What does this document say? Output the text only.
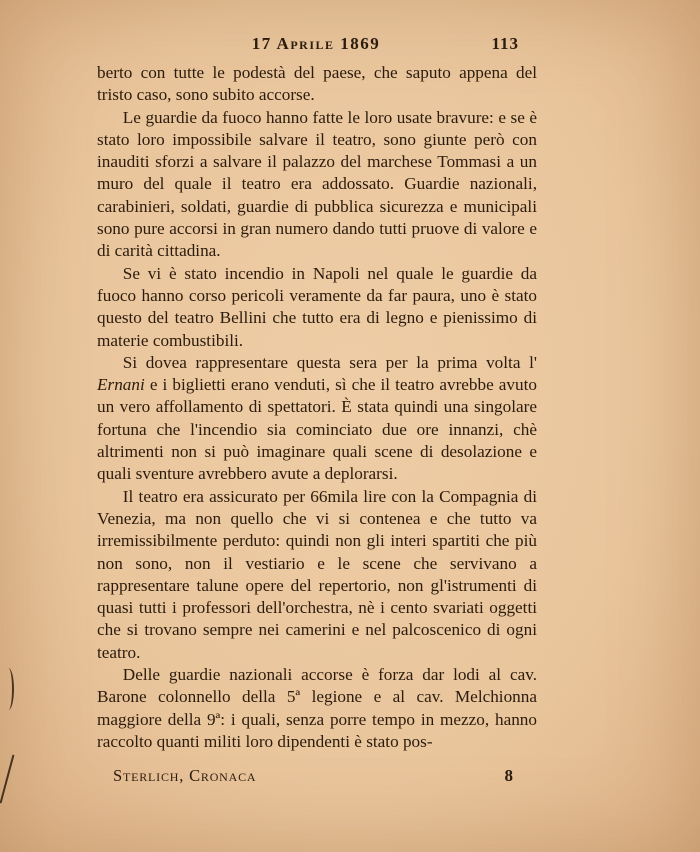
17 Aprile 1869	113

berto con tutte le podestà del paese, che saputo appena del tristo caso, sono subito accorse.

Le guardie da fuoco hanno fatte le loro usate bravure: e se è stato loro impossibile salvare il teatro, sono giunte però con inauditi sforzi a salvare il palazzo del marchese Tommasi a un muro del quale il teatro era addossato. Guardie nazionali, carabinieri, soldati, guardie di pubblica sicurezza e municipali sono pure accorsi in gran numero dando tutti pruove di valore e di carità cittadina.

Se vi è stato incendio in Napoli nel quale le guardie da fuoco hanno corso pericoli veramente da far paura, uno è stato questo del teatro Bellini che tutto era di legno e pienissimo di materie combustibili.

Si dovea rappresentare questa sera per la prima volta l' Ernani e i biglietti erano venduti, sì che il teatro avrebbe avuto un vero affollamento di spettatori. È stata quindi una singolare fortuna che l'incendio sia cominciato due ore innanzi, chè altrimenti non si può imaginare quali scene di desolazione e quali sventure avrebbero avute a deplorarsi.

Il teatro era assicurato per 66mila lire con la Compagnia di Venezia, ma non quello che vi si contenea e che tutto va irremissibilmente perduto: quindi non gli interi spartiti che più non sono, non il vestiario e le scene che servivano a rappresentare talune opere del repertorio, non gl'istrumenti di quasi tutti i professori dell'orchestra, nè i cento svariati oggetti che si trovano sempre nei camerini e nel palcoscenico di ogni teatro.

Delle guardie nazionali accorse è forza dar lodi al cav. Barone colonnello della 5ª legione e al cav. Melchionna maggiore della 9ª: i quali, senza porre tempo in mezzo, hanno raccolto quanti militi loro dipendenti è stato pos-

Sterlich, Cronaca	8
